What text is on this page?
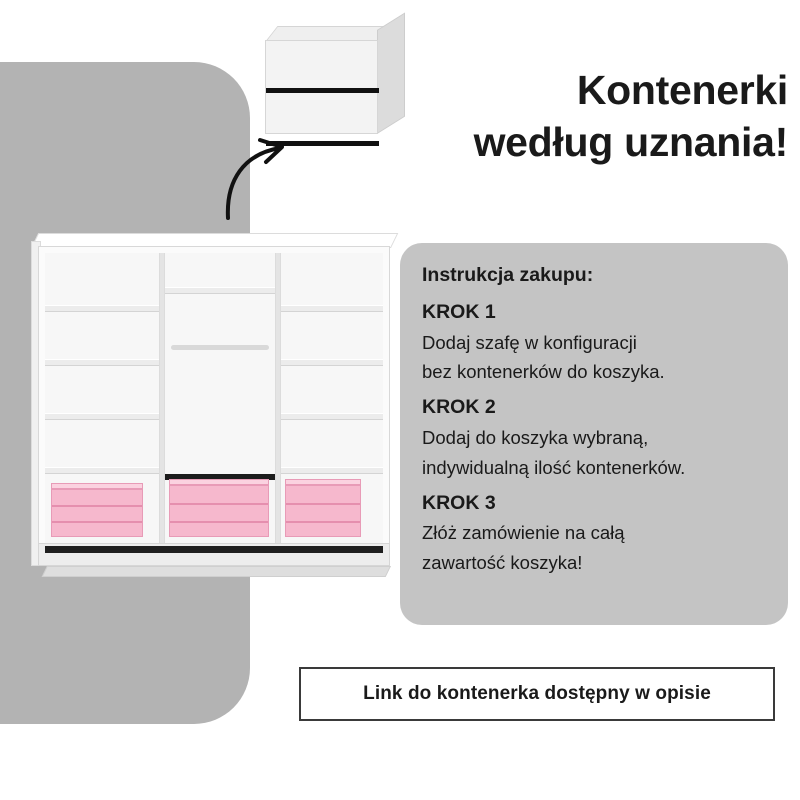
Kontenerki
według uznania!
Instrukcja zakupu:
KROK 1
Dodaj szafę w konfiguracji
bez kontenerków do koszyka.
KROK 2
Dodaj do koszyka wybraną,
indywidualną ilość kontenerków.
KROK 3
Złóż zamówienie na całą
zawartość koszyka!
Link do kontenerka dostępny w opisie
